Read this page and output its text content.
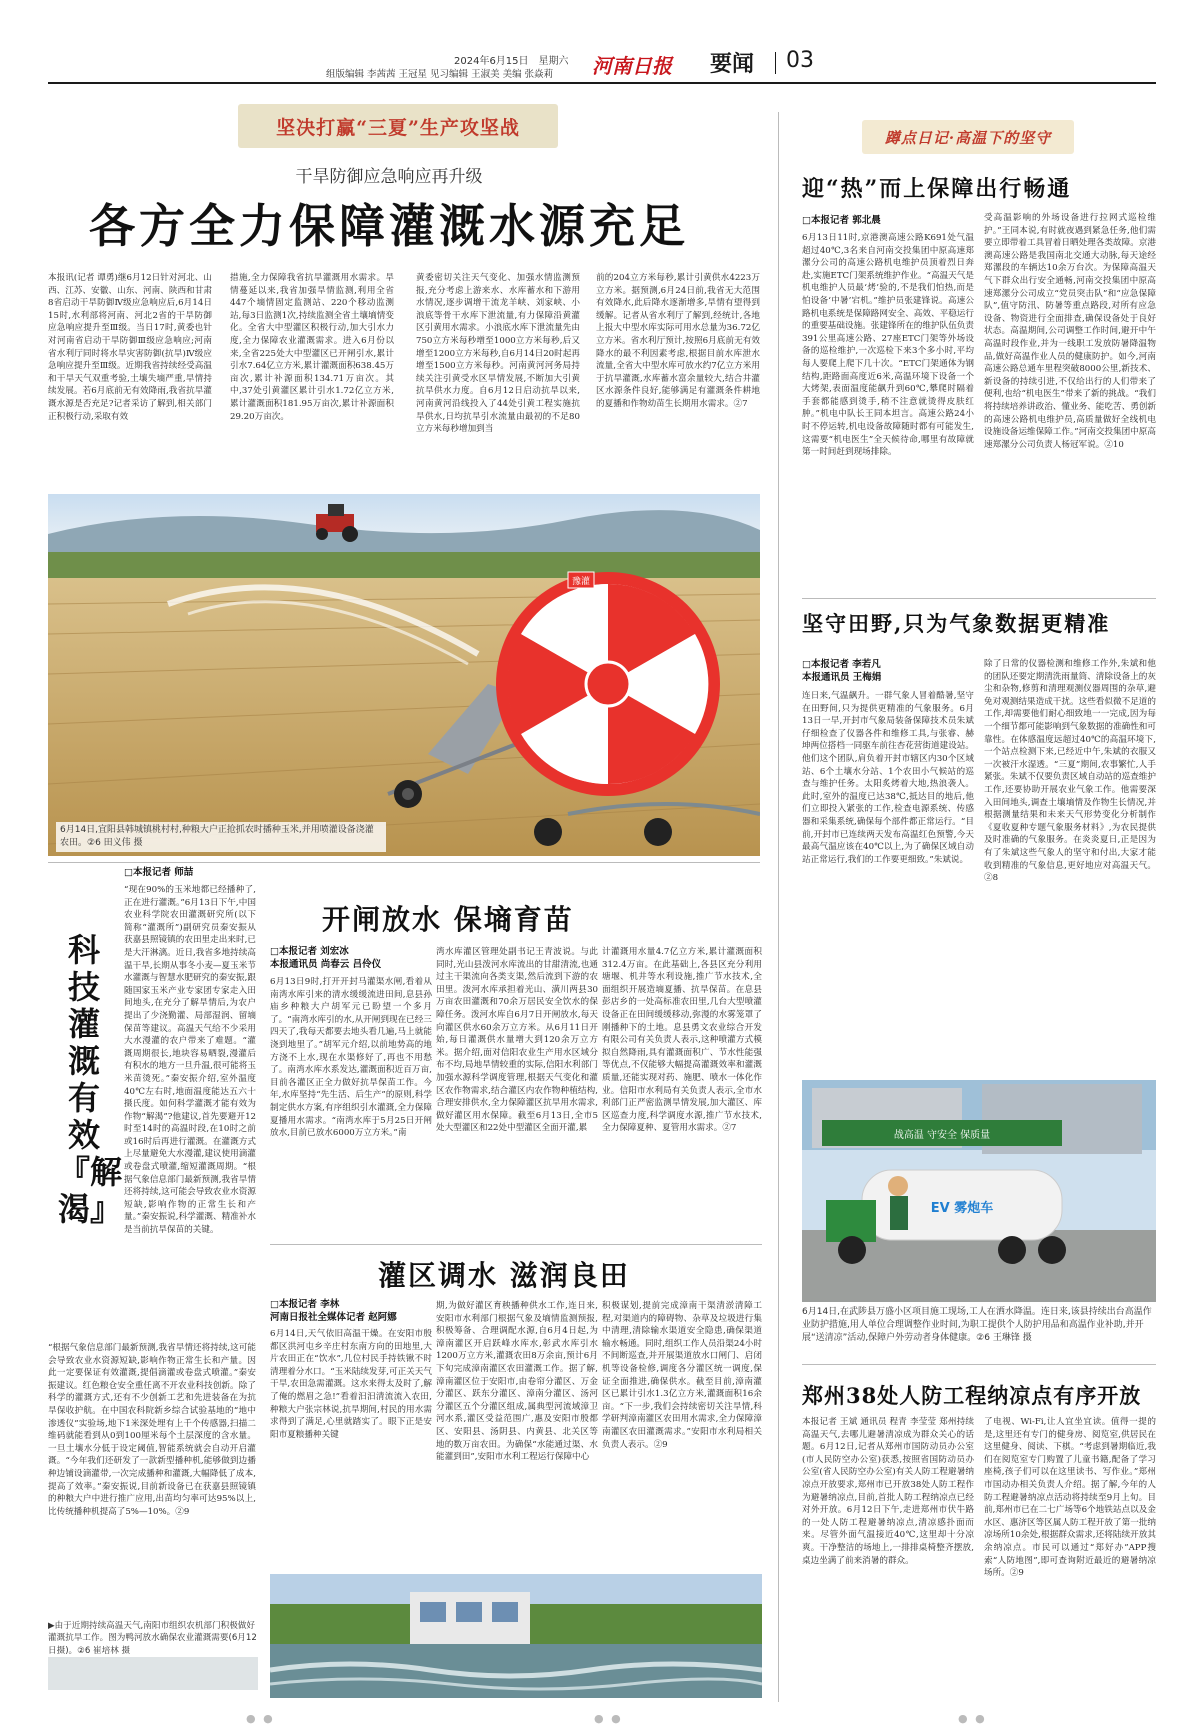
2024年6月15日　星期六
组版编辑 李茜茜 王冠星 见习编辑 王淑美 美编 张焱莉 河南日报 要闻 03
坚决打赢“三夏”生产攻坚战
干旱防御应急响应再升级
各方全力保障灌溉水源充足
本报讯(记者 谭勇)继6月12日针对河北、山西、江苏、安徽、山东、河南、陕西和甘肃8省启动干旱防御Ⅳ级应急响应后,6月14日15时,水利部将河南、河北2省的干旱防御应急响应提升至Ⅲ级。当日17时,黄委也针对河南省启动干旱防御Ⅲ级应急响应;河南省水利厅同时将水旱灾害防御(抗旱)Ⅳ级应急响应提升至Ⅲ级。近期我省持续经受高温和干旱天气双重考验,土壤失墒严重,旱情持续发展。若6月底前无有效降雨,我省抗旱灌溉水源是否充足?记者采访了解到,相关部门正积极行动,采取有效
措施,全力保障我省抗旱灌溉用水需求。旱情蔓延以来,我省加强旱情监测,利用全省447个墒情固定监测站、220个移动监测站,每3日监测1次,持续监测全省土壤墒情变化。全省大中型灌区积极行动,加大引水力度,全力保障农业灌溉需求。进入6月份以来,全省225处大中型灌区已开闸引水,累计引水7.64亿立方米,累计灌溉面积638.45万亩次,累计补源面积134.71万亩次。其中,37处引黄灌区累计引水1.72亿立方米,累计灌溉面积181.95万亩次,累计补源面积29.20万亩次。
黄委密切关注天气变化、加强水情监测预报,充分考虑上游来水、水库蓄水和下游用水情况,逐步调增干流龙羊峡、刘家峡、小浪底等骨干水库下泄流量,有力保障沿黄灌区引黄用水需求。小浪底水库下泄流量先由750立方米每秒增至1000立方米每秒,后又增至1200立方米每秒,自6月14日20时起再增至1500立方米每秒。河南黄河河务局持续关注引黄受水区旱情发展,不断加大引黄抗旱供水力度。自6月12日启动抗旱以来,河南黄河沿线投入了44处引黄工程实施抗旱供水,日均抗旱引水流量由最初的不足80立方米每秒增加到当
前的204立方米每秒,累计引黄供水4223万立方米。据预测,6月24日前,我省无大范围有效降水,此后降水逐渐增多,旱情有望得到缓解。记者从省水利厅了解到,经统计,各地上报大中型水库实际可用水总量为36.72亿立方米。省水利厅预计,按照6月底前无有效降水的最不利因素考虑,根据目前水库泄水流量,全省大中型水库可放水约7亿立方米用于抗旱灌溉,水库蓄水富余量较大,结合井灌区水源条件良好,能够满足有灌溉条件耕地的夏播和作物幼苗生长期用水需求。②7
豫灌
6月14日,宜阳县韩城镇桃村村,种粮大户正抢抓农时播种玉米,并用喷灌设备浇灌农田。②6 田义伟 摄
□本报记者 师喆
科技灌溉 有效『解渴』
“现在90%的玉米地都已经播种了,正在进行灌溉。”6月13日下午,中国农业科学院农田灌溉研究所(以下简称“灌溉所”)副研究员秦安振从获嘉县照镜镇的农田里走出来时,已是大汗淋漓。近日,我省多地持续高温干旱,长期从事冬小麦—夏玉米节水灌溉与智慧水肥研究的秦安振,跟随国家玉米产业专家团专家走入田间地头,在充分了解旱情后,为农户提出了少浇勤灌、局部湿润、留墒保苗等建议。高温天气给不少采用大水漫灌的农户带来了难题。“灌溉周期很长,地块容易晒裂,漫灌后有积水的地方一旦升温,很可能将玉米苗烫死。”秦安振介绍,室外温度40℃左右时,地面温度能达五六十摄氏度。如何科学灌溉才能有效为作物“解渴”?他建议,首先要避开12时至14时的高温时段,在10时之前或16时后再进行灌溉。在灌溉方式上尽量避免大水漫灌,建议使用滴灌或卷盘式喷灌,缩短灌溉周期。“根据气象信息部门最新预测,我省旱情还将持续,这可能会导致农业水资源短缺,影响作物的正常生长和产量。”秦安振说,科学灌溉、精准补水是当前抗旱保苗的关键。
“根据气象信息部门最新预测,我省旱情还将持续,这可能会导致农业水资源短缺,影响作物正常生长和产量。因此一定要保证有效灌溉,提倡滴灌或卷盘式喷灌。”秦安振建议。红色粮仓安全重任离不开农业科技创新。除了科学的灌溉方式,还有不少创新工艺和先进装备在为抗旱保收护航。在中国农科院新乡综合试验基地的“地中渗透仪”实验场,地下1米深处埋有上千个传感器,扫描二维码就能看到从0到100厘米每个土层深度的含水量。一旦土壤水分低于设定阈值,智能系统就会自动开启灌溉。“今年我们还研发了一款新型播种机,能够做到边播种边铺设滴灌带,一次完成播种和灌溉,大幅降低了成本,提高了效率。”秦安振说,目前新设备已在获嘉县照镜镇的种粮大户中进行推广应用,出苗均匀率可达95%以上,比传统播种机提高了5%—10%。②9
▶由于近期持续高温天气,南阳市组织农机部门积极做好灌溉抗旱工作。图为鸭河放水确保农业灌溉需要(6月12日摄)。②6 崔培林 摄
开闸放水 保墒育苗
□本报记者 刘宏冰
本报通讯员 尚春云 吕伶仪
6月13日9时,打开开封马灌渠水闸,看着从南湾水库引来的清水缓缓流进田间,息县孙庙乡种粮大户胡军元已盼望一个多月了。“南湾水库引的水,从开闸到现在已经三四天了,我每天都要去地头看几遍,马上就能浇到地里了。”胡军元介绍,以前地势高的地方浇不上水,现在水渠修好了,再也不用愁了。南湾水库水系发达,灌溉面积近百万亩,目前各灌区正全力做好抗旱保苗工作。今年,水库坚持“先生活、后生产”的原则,科学制定供水方案,有序组织引水灌溉,全力保障夏播用水需求。“南湾水库于5月25日开闸放水,目前已放水6000万立方米。”南
湾水库灌区管理处副书记王青波说。与此同时,光山县泼河水库流出的甘甜清流,也通过主干渠流向各类支渠,然后流到下游的农田里。泼河水库承担着光山、潢川两县30万亩农田灌溉和70余万居民安全饮水的保障任务。泼河水库自6月7日开闸放水,每天向灌区供水60余万立方米。从6月11日开始,每日灌溉供水量增大到120余万立方米。据介绍,面对信阳农业生产用水区域分布不均,局地旱情较重的实际,信阳水利部门加强水源科学调度管理,根据天气变化和灌区农作物需求,结合灌区内农作物种植结构,合理安排供水,全力保障灌区抗旱用水需求,做好灌区用水保障。截至6月13日,全市5处大型灌区和22处中型灌区全面开灌,累
计灌溉用水量4.7亿立方米,累计灌溉面积312.4万亩。在此基础上,各县区充分利用塘堰、机井等水利设施,推广节水技术,全面组织开展造墒夏播、抗旱保苗。在息县彭店乡的一处高标准农田里,几台大型喷灌设备正在田间缓缓移动,弥漫的水雾笼罩了刚播种下的土地。息县勇文农业综合开发有限公司有关负责人表示,这种喷灌方式模拟自然降雨,具有灌溉面积广、节水性能强等优点,不仅能够大幅提高灌溉效率和灌溉质量,还能实现对药、施肥、喷水一体化作业。信阳市水利局有关负责人表示,全市水利部门正严密监测旱情发展,加大灌区、库区巡查力度,科学调度水源,推广节水技术,全力保障夏种、夏管用水需求。②7
灌区调水 滋润良田
□本报记者 李林
河南日报社全媒体记者 赵阿娜
6月14日,天气依旧高温干燥。在安阳市殷都区洪河屯乡辛庄村东南方向的田地里,大片农田正在“饮水”,几位村民手持铁锹不时清理着分水口。“玉米陆续发芽,可正关天气干旱,农田急需灌溉。这水来得太及时了,解了俺的燃眉之急!”看着汩汩清流流入农田,种粮大户张宗林说,抗旱期间,村民的用水需求得到了满足,心里就踏实了。眼下正是安阳市夏粮播种关键
期,为做好灌区育秧播种供水工作,连日来,安阳市水利部门根据气象及墒情监测预报,积极筹备、合理调配水源,自6月4日起,为漳南灌区开启跃峰水库水,彰武水库引水1200万立方米,灌溉农田8万余亩,预计6月下旬完成漳南灌区农田灌溉工作。据了解,漳南灌区位于安阳市,由卷帘分灌区、万金分灌区、跃东分灌区、漳南分灌区、汤河分灌区五个分灌区组成,属典型河流域漳卫河水系,灌区受益范围广,惠及安阳市殷都区、安阳县、汤阴县、内黄县、北关区等地的数万亩农田。为确保“水能通过渠、水能灌到田”,安阳市水利工程运行保障中心
积极谋划,提前完成漳南干渠清淤清障工程,对渠道内的障碍物、杂草及垃圾进行集中清理,清除输水渠道安全隐患,确保渠道输水畅通。同时,组织工作人员沿渠24小时不间断巡查,并开展渠道放水口闸门、启闭机等设备检修,调度各分灌区统一调度,保证全面推进,确保供水。截至目前,漳南灌区已累计引水1.3亿立方米,灌溉面积16余亩。“下一步,我们会持续密切关注旱情,科学研判漳南灌区农田用水需求,全力保障漳南灌区农田灌溉需求。”安阳市水利局相关负责人表示。②9
蹲点日记·高温下的坚守
迎“热”而上保障出行畅通
□本报记者 郭北晨
6月13日11时,京港澳高速公路K691处气温超过40℃,3名来自河南交投集团中原高速郑漯分公司的高速公路机电维护员顶着烈日奔赴,实施ETC门架系统维护作业。“高温天气是机电维护人员最‘烤’验的,不是我们怕热,而是怕设备‘中暑’宕机。”维护员张建锋说。高速公路机电系统是保障路网安全、高效、平稳运行的重要基础设施。张建锋所在的维护队伍负责391公里高速公路、27座ETC门架等外场设备的巡检维护,一次巡检下来3个多小时,平均每人要爬上爬下几十次。“ETC门架通体为钢结构,距路面高度近6米,高温环境下设备一个大烤架,表面温度能飙升到60℃,攀爬时隔着手套都能感到烫手,稍不注意就烫得皮肤红肿。”机电中队长王同本坦言。高速公路24小时不停运转,机电设备故障随时都有可能发生,这需要“机电医生”全天候待命,哪里有故障就第一时间赶到现场排除。
受高温影响的外场设备进行拉网式巡检维护。”王同本说,有时就夜遇到紧急任务,他们需要立即带着工具冒着日晒处理各类故障。京港澳高速公路是我国南北交通大动脉,每天途经郑漯段的车辆达10余万台次。为保障高温天气下群众出行安全通畅,河南交投集团中原高速郑漯分公司成立“党员突击队”和“应急保障队”,值守防汛、防暑等重点路段,对所有应急设备、物资进行全面排查,确保设备处于良好状态。高温期间,公司调整工作时间,避开中午高温时段作业,并为一线职工发放防暑降温物品,做好高温作业人员的健康防护。如今,河南高速公路总通车里程突破8000公里,新技术、新设备的持续引进,不仅给出行的人们带来了便利,也给“机电医生”带来了新的挑战。“我们将持续培养讲政治、懂业务、能吃苦、勇创新的高速公路机电维护员,高质量做好全线机电设施设备运维保障工作。”河南交投集团中原高速郑漯分公司负责人杨冠军说。②10
坚守田野,只为气象数据更精准
□本报记者 李若凡
本报通讯员 王梅娟
连日来,气温飙升。一群气象人冒着酷暑,坚守在田野间,只为提供更精准的气象服务。6月13日一早,开封市气象局装备保障技术员朱斌仔细检查了仪器各件和维修工具,与张睿、赫坤两位搭档一同驱车前往杏花营街道建设站。他们这个团队,肩负着开封市辖区内30个区域站、6个土壤水分站、1个农田小气候站的巡查与维护任务。太阳炙烤着大地,热浪袭人。此时,室外的温度已达38℃,抵达目的地后,他们立即投入紧张的工作,检查电源系统、传感器和采集系统,确保每个部件都正常运行。“目前,开封市已连续两天发布高温红色预警,今天最高气温应该在40℃以上,为了确保区域自动站正常运行,我们的工作要更细致。”朱斌说。
除了日常的仪器检测和维修工作外,朱斌和他的团队还要定期清洗雨量筒、清除设备上的灰尘和杂物,修剪和清理观测仪器周围的杂草,避免对观测结果造成干扰。这些看似微不足道的工作,却需要他们耐心细致地一一完成,因为每一个细节都可能影响到气象数据的准确性和可靠性。在体感温度远超过40℃的高温环境下,一个站点检测下来,已经近中午,朱斌的衣服又一次被汗水湿透。“三夏”期间,农事繁忙,人手紧张。朱斌不仅要负责区域自动站的巡查维护工作,还要协助开展农业气象工作。他需要深入田间地头,调查土壤墒情及作物生长情况,并根据测量结果和未来天气形势变化分析制作《夏收夏种专题气象服务材料》,为农民提供及时准确的气象服务。在炎炎夏日,正是因为有了朱斌这些气象人的坚守和付出,大家才能收到精准的气象信息,更好地应对高温天气。②8
战高温 守安全 保质量
EV 雾炮车
6月14日,在武陟县万盛小区项目施工现场,工人在洒水降温。连日来,该县持续出台高温作业防护措施,用人单位合理调整作业时间,为职工提供个人防护用品和高温作业补助,并开展“送清凉”活动,保障户外劳动者身体健康。②6 王琳锋 摄
郑州38处人防工程纳凉点有序开放
本报记者 王斌 通讯员 程青 李莹莹 郑州持续高温天气,去哪儿避暑清凉成为群众关心的话题。6月12日,记者从郑州市国防动员办公室(市人民防空办公室)获悉,按照省国防动员办公室(省人民防空办公室)有关人防工程避暑纳凉点开放要求,郑州市已开放38处人防工程作为避暑纳凉点,目前,首批人防工程纳凉点已经对外开放。6月12日下午,走进郑州市伏牛路的一处人防工程避暑纳凉点,清凉感扑面而来。尽管外面气温接近40℃,这里却十分凉爽。干净整洁的场地上,一排排桌椅整齐摆放,桌边坐满了前来消暑的群众。
了电视、Wi-Fi,让人宜坐宜读。值得一提的是,这里还有专门的健身房、阅览室,供居民在这里健身、阅读、下棋。“考虑到暑期临近,我们在阅览室专门购置了儿童书籍,配备了学习座椅,孩子们可以在这里读书、写作业。”郑州市国动办相关负责人介绍。据了解,今年的人防工程避暑纳凉点活动将持续至9月上旬。目前,郑州市已在二七广场等6个地铁站点以及金水区、惠济区等区属人防工程开放了第一批纳凉场所10余处,根据群众需求,还将陆续开放其余纳凉点。市民可以通过“郑好办”APP搜索“人防地图”,即可查询附近最近的避暑纳凉场所。②9
● ●	● ●	● ●
